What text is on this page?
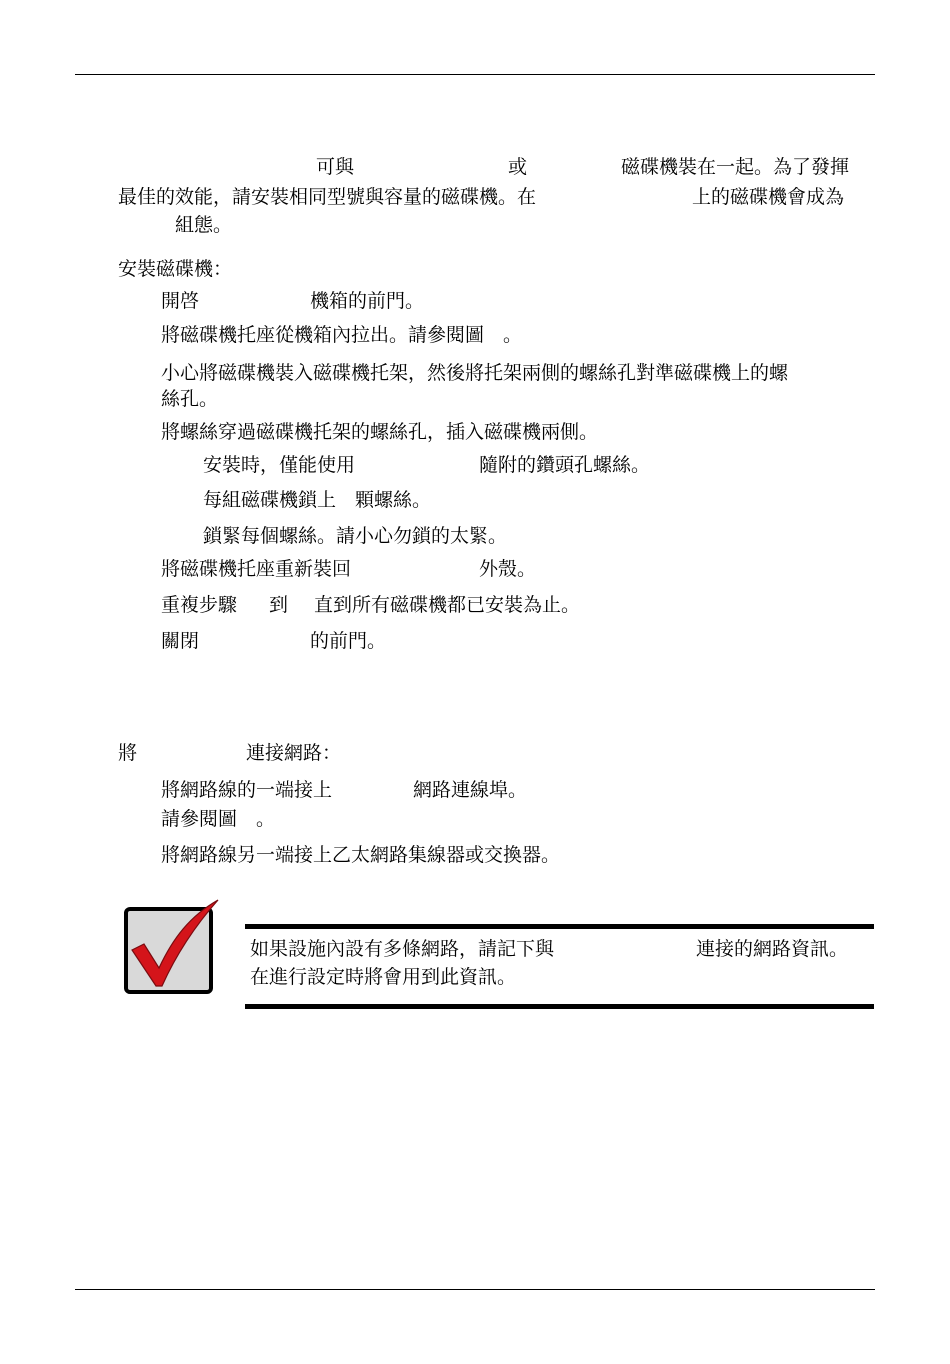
可與	或	磁碟機裝在一起。為了發揮
最佳的效能，請安裝相同型號與容量的磁碟機。在	上的磁碟機會成為
組態。
安裝磁碟機：
開啓	機箱的前門。
將磁碟機托座從機箱內拉出。請參閱圖　。
小心將磁碟機裝入磁碟機托架，然後將托架兩側的螺絲孔對準磁碟機上的螺
絲孔。
將螺絲穿過磁碟機托架的螺絲孔，插入磁碟機兩側。
安裝時，僅能使用	隨附的鑽頭孔螺絲。
每組磁碟機鎖上　顆螺絲。
鎖緊每個螺絲。請小心勿鎖的太緊。
將磁碟機托座重新裝回	外殼。
重複步驟 到 直到所有磁碟機都已安裝為止。
關閉	的前門。
將	連接網路：
將網路線的一端接上	網路連線埠。
請參閱圖　。
將網路線另一端接上乙太網路集線器或交換器。
如果設施內設有多條網路，請記下與	連接的網路資訊。
在進行設定時將會用到此資訊。
